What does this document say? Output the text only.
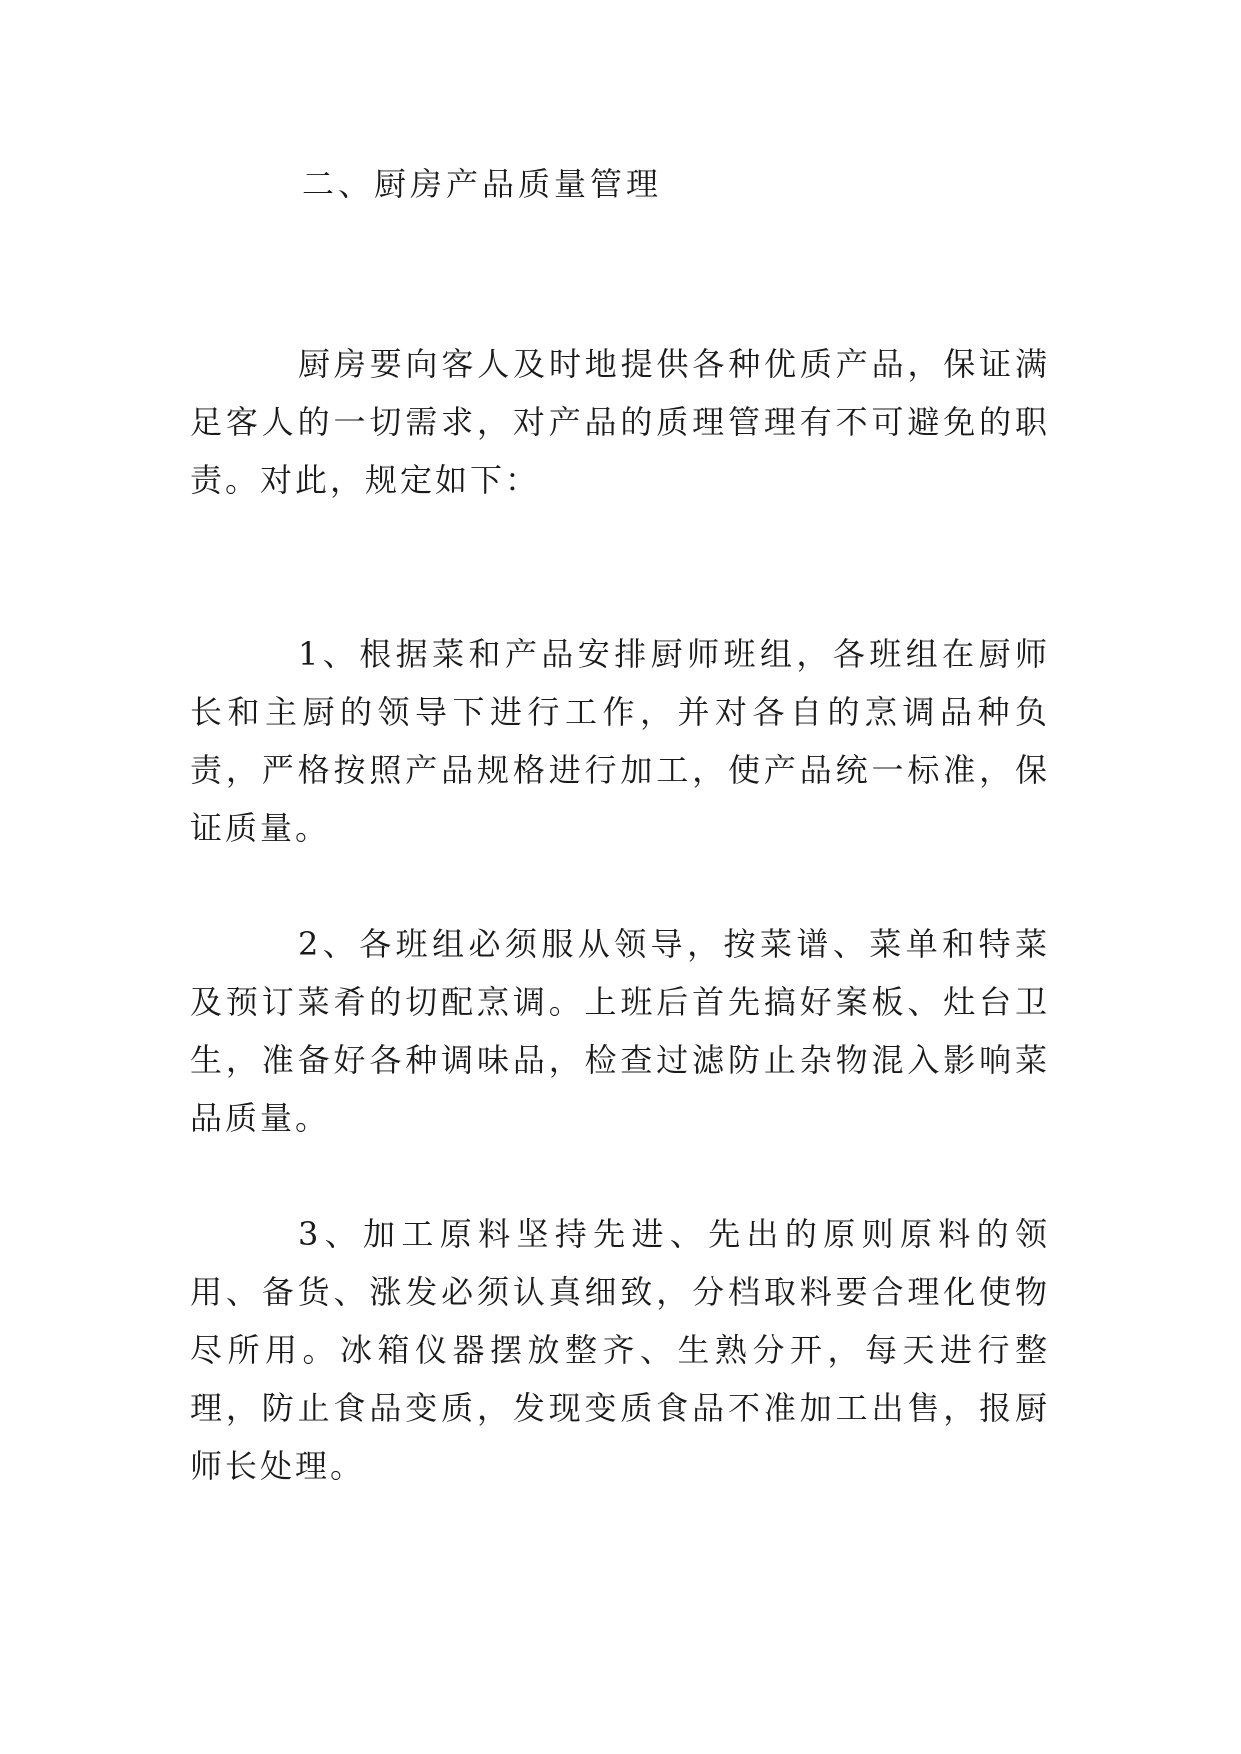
二、厨房产品质量管理

厨房要向客人及时地提供各种优质产品，保证满足客人的一切需求，对产品的质理管理有不可避免的职责。对此，规定如下：

1、根据菜和产品安排厨师班组，各班组在厨师长和主厨的领导下进行工作，并对各自的烹调品种负责，严格按照产品规格进行加工，使产品统一标准，保证质量。

2、各班组必须服从领导，按菜谱、菜单和特菜及预订菜肴的切配烹调。上班后首先搞好案板、灶台卫生，准备好各种调味品，检查过滤防止杂物混入影响菜品质量。

3、加工原料坚持先进、先出的原则原料的领用、备货、涨发必须认真细致，分档取料要合理化使物尽所用。冰箱仪器摆放整齐、生熟分开，每天进行整理，防止食品变质，发现变质食品不准加工出售，报厨师长处理。
